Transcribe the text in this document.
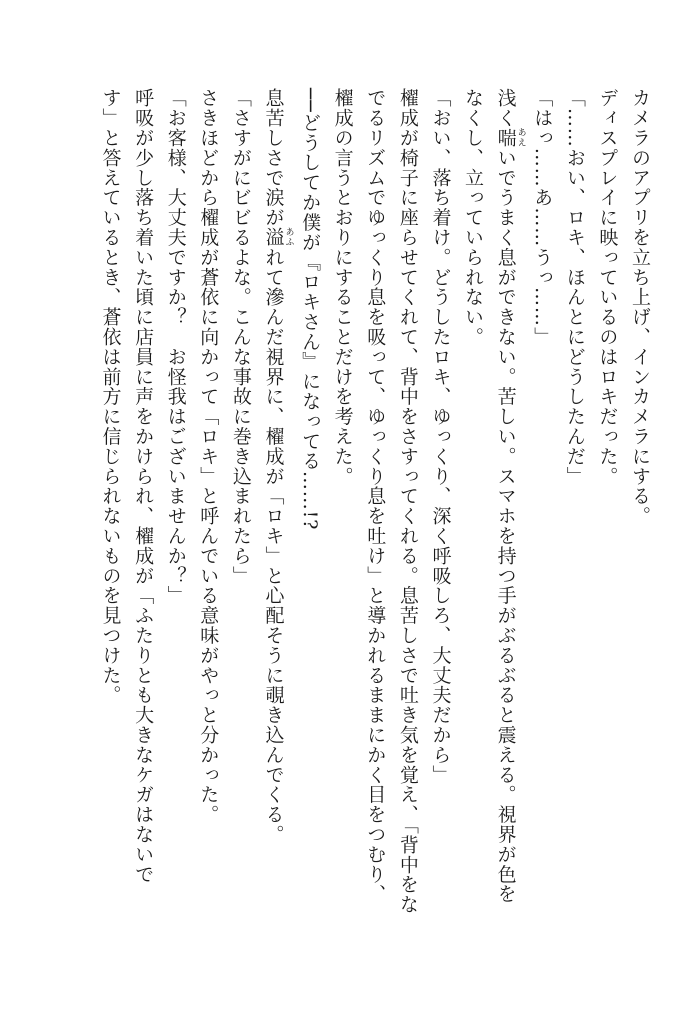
カメラのアプリを立ち上げ、インカメラにする。
ディスプレイに映っているのはロキだった。
「……おい、ロキ、ほんとにどうしたんだ」
「はっ……あ……うっ……」
浅く喘 あえいでうまく息ができない。苦しい。スマホを持つ手がぶるぶると震える。視界が色を
なくし、立っていられない。
「おい、落ち着け。どうしたロキ、ゆっくり、深く呼吸しろ、大丈夫だから」
櫂成が椅子に座らせてくれて、背中をさすってくれる。息苦しさで吐き気を覚え、「背中をな
でるリズムでゆっくり息を吸って、ゆっくり息を吐け」と導かれるままにかく目をつむり、
櫂成の言うとおりにすることだけを考えた。
──どうしてか僕が『ロキさん』になってる……!?
息苦しさで涙が溢 あふれて滲んだ視界に、櫂成が「ロキ」と心配そうに覗き込んでくる。
「さすがにビビるよな。こんな事故に巻き込まれたら」
さきほどから櫂成が蒼依に向かって「ロキ」と呼んでいる意味がやっと分かった。
「お客様、大丈夫ですか？　お怪我はございませんか？」
呼吸が少し落ち着いた頃に店員に声をかけられ、櫂成が「ふたりとも大きなケガはないで
す」と答えているとき、蒼依は前方に信じられないものを見つけた。
